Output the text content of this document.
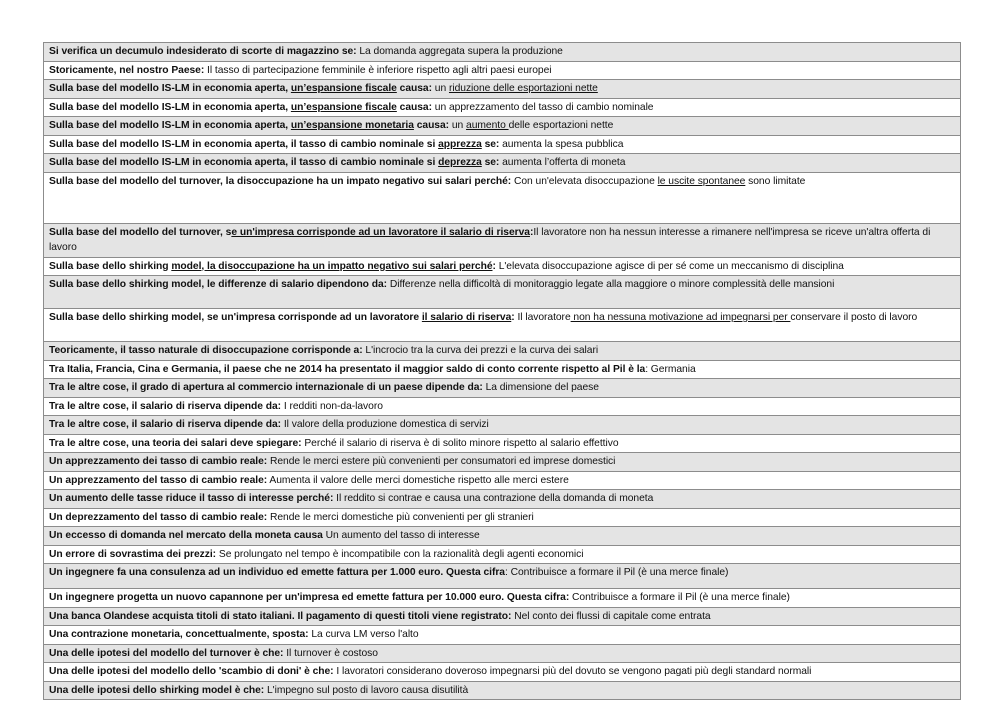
Si verifica un decumulo indesiderato di scorte di magazzino se: La domanda aggregata supera la produzione
Storicamente, nel nostro Paese: Il tasso di partecipazione femminile è inferiore rispetto agli altri paesi europei
Sulla base del modello IS-LM in economia aperta, un’espansione fiscale causa: un riduzione delle esportazioni nette
Sulla base del modello IS-LM in economia aperta, un’espansione fiscale causa: un apprezzamento del tasso di cambio nominale
Sulla base del modello IS-LM in economia aperta, un’espansione monetaria causa: un aumento delle esportazioni nette
Sulla base del modello IS-LM in economia aperta, il tasso di cambio nominale si apprezza se: aumenta la spesa pubblica
Sulla base del modello IS-LM in economia aperta, il tasso di cambio nominale si deprezza se: aumenta l’offerta di moneta
Sulla base del modello del turnover, la disoccupazione ha un impato negativo sui salari perché: Con un'elevata disoccupazione le uscite spontanee sono limitate
Sulla base del modello del turnover, se un'impresa corrisponde ad un lavoratore il salario di riserva:Il lavoratore non ha nessun interesse a rimanere nell'impresa se riceve un'altra offerta di lavoro
Sulla base dello shirking model, la disoccupazione ha un impatto negativo sui salari perché: L'elevata disoccupazione agisce di per sé come un meccanismo di disciplina
Sulla base dello shirking model, le differenze di salario dipendono da: Differenze nella difficoltà di monitoraggio legate alla maggiore o minore complessità delle mansioni
Sulla base dello shirking model, se un'impresa corrisponde ad un lavoratore il salario di riserva: Il lavoratore non ha nessuna motivazione ad impegnarsi per conservare il posto di lavoro
Teoricamente, il tasso naturale di disoccupazione corrisponde a: L'incrocio tra la curva dei prezzi e la curva dei salari
Tra Italia, Francia, Cina e Germania, il paese che ne 2014 ha presentato il maggior saldo di conto corrente rispetto al Pil è la: Germania
Tra le altre cose, il grado di apertura al commercio internazionale di un paese dipende da: La dimensione del paese
Tra le altre cose, il salario di riserva dipende da: I redditi non-da-lavoro
Tra le altre cose, il salario di riserva dipende da: Il valore della produzione domestica di servizi
Tra le altre cose, una teoria dei salari deve spiegare: Perché il salario di riserva è di solito minore rispetto al salario effettivo
Un apprezzamento dei tasso di cambio reale: Rende le merci estere più convenienti per consumatori ed imprese domestici
Un apprezzamento del tasso di cambio reale: Aumenta il valore delle merci domestiche rispetto alle merci estere
Un aumento delle tasse riduce il tasso di interesse perché: Il reddito si contrae e causa una contrazione della domanda di moneta
Un deprezzamento del tasso di cambio reale: Rende le merci domestiche più convenienti per gli stranieri
Un eccesso di domanda nel mercato della moneta causa Un aumento del tasso di interesse
Un errore di sovrastima dei prezzi: Se prolungato nel tempo è incompatibile con la razionalità degli agenti economici
Un ingegnere fa una consulenza ad un individuo ed emette fattura per 1.000 euro. Questa cifra: Contribuisce a formare il Pil (è una merce finale)
Un ingegnere progetta un nuovo capannone per un'impresa ed emette fattura per 10.000 euro. Questa cifra: Contribuisce a formare il Pil (è una merce finale)
Una banca Olandese acquista titoli di stato italiani. Il pagamento di questi titoli viene registrato: Nel conto dei flussi di capitale come entrata
Una contrazione monetaria, concettualmente, sposta: La curva LM verso l'alto
Una delle ipotesi del modello del turnover è che: Il turnover è costoso
Una delle ipotesi del modello dello 'scambio di doni' è che: I lavoratori considerano doveroso impegnarsi più del dovuto se vengono pagati più degli standard normali
Una delle ipotesi dello shirking model è che: L'impegno sul posto di lavoro causa disutilità
